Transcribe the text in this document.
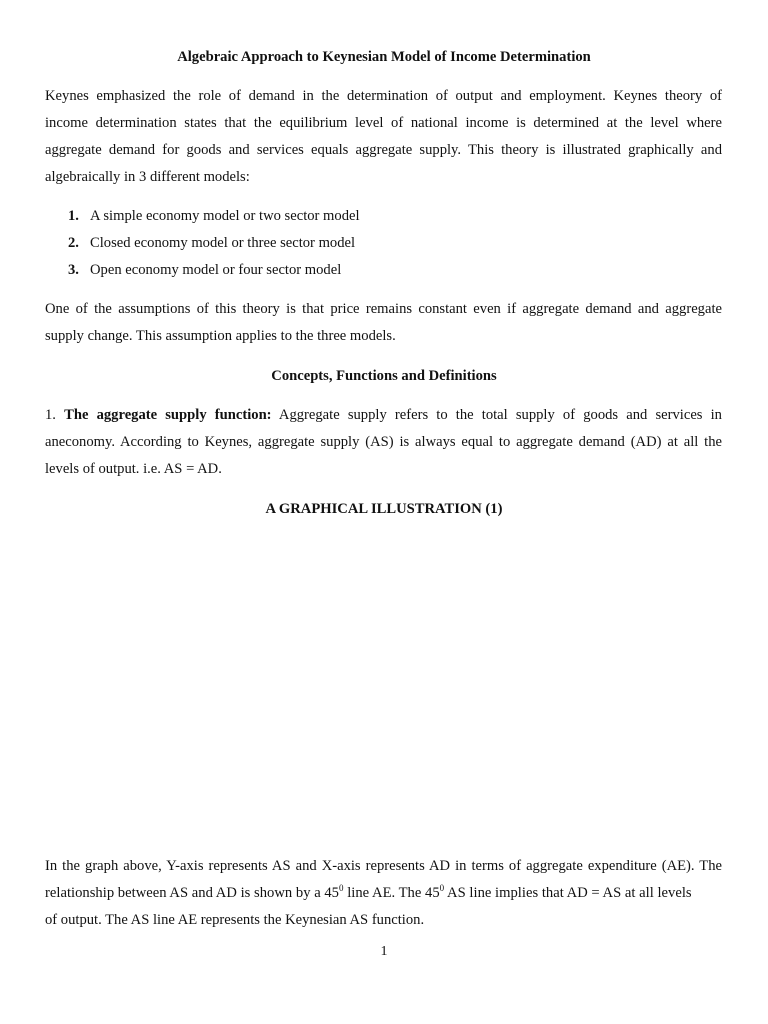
Algebraic Approach to Keynesian Model of Income Determination
Keynes emphasized the role of demand in the determination of output and employment. Keynes theory of
income determination states that the equilibrium level of national income is determined at the level where
aggregate demand for goods and services equals aggregate supply. This theory is illustrated graphically and
algebraically in 3 different models:
1. A simple economy model or two sector model
2. Closed economy model or three sector model
3. Open economy model or four sector model
One of the assumptions of this theory is that price remains constant even if aggregate demand and aggregate
supply change. This assumption applies to the three models.
Concepts, Functions and Definitions
1. The aggregate supply function: Aggregate supply refers to the total supply of goods and services in
aneconomy. According to Keynes, aggregate supply (AS) is always equal to aggregate demand (AD) at all the
levels of output. i.e. AS = AD.
A GRAPHICAL ILLUSTRATION (1)
In the graph above, Y-axis represents AS and X-axis represents AD in terms of aggregate expenditure (AE). The
relationship between AS and AD is shown by a $45^0$ line AE. The $45^0$ AS line implies that AD = AS at all levels
of output. The AS line AE represents the Keynesian AS function.
1
